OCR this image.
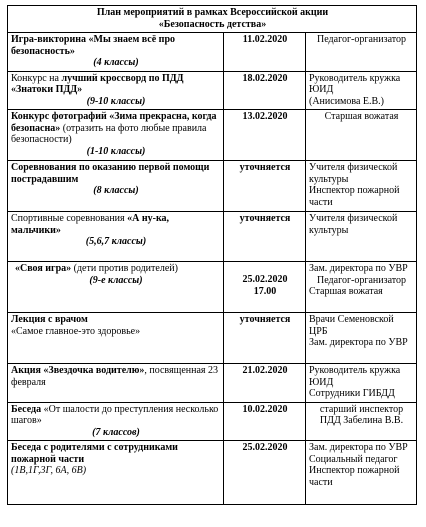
План мероприятий в рамках Всероссийской акции
«Безопасность детства»		

Игра-викторина «Мы знаем всё про безопасность»
(4 классы)	11.02.2020	Педагог-организатор

Конкурс на лучший кроссворд по ПДД «Знатоки ПДД»
(9-10 классы)	18.02.2020	Руководитель кружка ЮИД
(Анисимова Е.В.)

Конкурс фотографий «Зима прекрасна, когда безопасна» (отразить на фото любые правила безопасности)
(1-10 классы)	13.02.2020	Старшая вожатая

Соревнования по оказанию первой помощи пострадавшим
(8 классы)	уточняется	Учителя физической культуры
Инспектор пожарной части

Спортивные соревнования «А ну-ка, мальчики»
(5,6,7 классы)	уточняется	Учителя физической культуры

«Своя игра» (дети против родителей)
(9-е классы)	25.02.2020
17.00	Зам. директора по УВР
Педагог-организатор
Старшая вожатая

Лекция с врачом
«Самое главное-это здоровье»	уточняется	Врачи Семеновской ЦРБ
Зам. директора по УВР

Акция «Звездочка водителю», посвященная 23 февраля	21.02.2020	Руководитель кружка ЮИД
Сотрудники ГИБДД

Беседа «От шалости до преступления несколько шагов»
(7 классов)	10.02.2020	старший инспектор ПДД Забелина В.В.

Беседа с родителями с сотрудниками пожарной части
(1В,1Г,3Г, 6А, 6В)	25.02.2020	Зам. директора по УВР
Социальный педагог
Инспектор пожарной части
